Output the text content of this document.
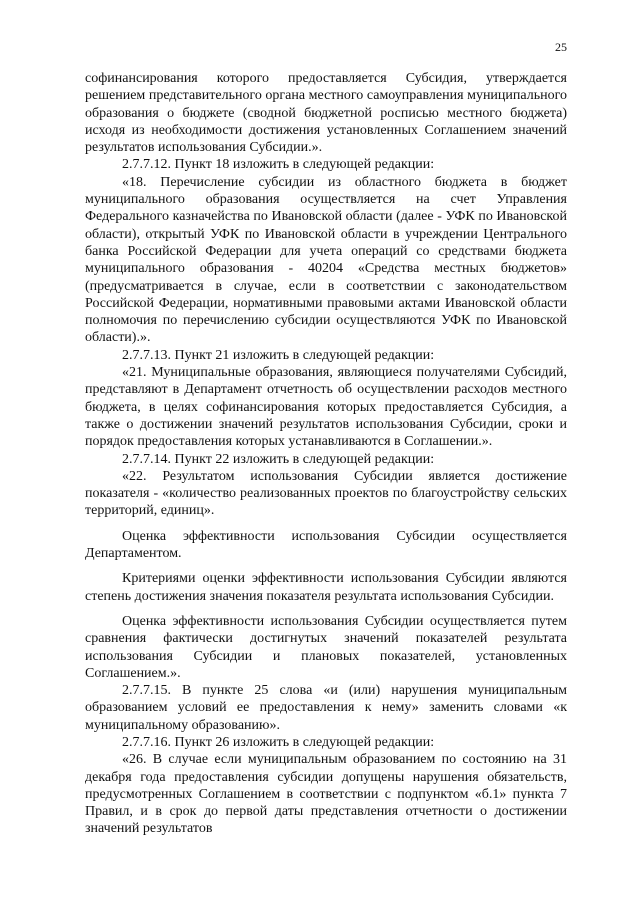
25

софинансирования которого предоставляется Субсидия, утверждается решением представительного органа местного самоуправления муниципального образования о бюджете (сводной бюджетной росписью местного бюджета) исходя из необходимости достижения установленных Соглашением значений результатов использования Субсидии.».

2.7.7.12. Пункт 18 изложить в следующей редакции:

«18. Перечисление субсидии из областного бюджета в бюджет муниципального образования осуществляется на счет Управления Федерального казначейства по Ивановской области (далее - УФК по Ивановской области), открытый УФК по Ивановской области в учреждении Центрального банка Российской Федерации для учета операций со средствами бюджета муниципального образования - 40204 «Средства местных бюджетов» (предусматривается в случае, если в соответствии с законодательством Российской Федерации, нормативными правовыми актами Ивановской области полномочия по перечислению субсидии осуществляются УФК по Ивановской области).».

2.7.7.13. Пункт 21 изложить в следующей редакции:

«21. Муниципальные образования, являющиеся получателями Субсидий, представляют в Департамент отчетность об осуществлении расходов местного бюджета, в целях софинансирования которых предоставляется Субсидия, а также о достижении значений результатов использования Субсидии, сроки и порядок предоставления которых устанавливаются в Соглашении.».

2.7.7.14. Пункт 22 изложить в следующей редакции:

«22. Результатом использования Субсидии является достижение показателя - «количество реализованных проектов по благоустройству сельских территорий, единиц».

Оценка эффективности использования Субсидии осуществляется Департаментом.

Критериями оценки эффективности использования Субсидии являются степень достижения значения показателя результата использования Субсидии.

Оценка эффективности использования Субсидии осуществляется путем сравнения фактически достигнутых значений показателей результата использования Субсидии и плановых показателей, установленных Соглашением.».

2.7.7.15. В пункте 25 слова «и (или) нарушения муниципальным образованием условий ее предоставления к нему» заменить словами «к муниципальному образованию».

2.7.7.16. Пункт 26 изложить в следующей редакции:

«26. В случае если муниципальным образованием по состоянию на 31 декабря года предоставления субсидии допущены нарушения обязательств, предусмотренных Соглашением в соответствии с подпунктом «б.1» пункта 7 Правил, и в срок до первой даты представления отчетности о достижении значений результатов
